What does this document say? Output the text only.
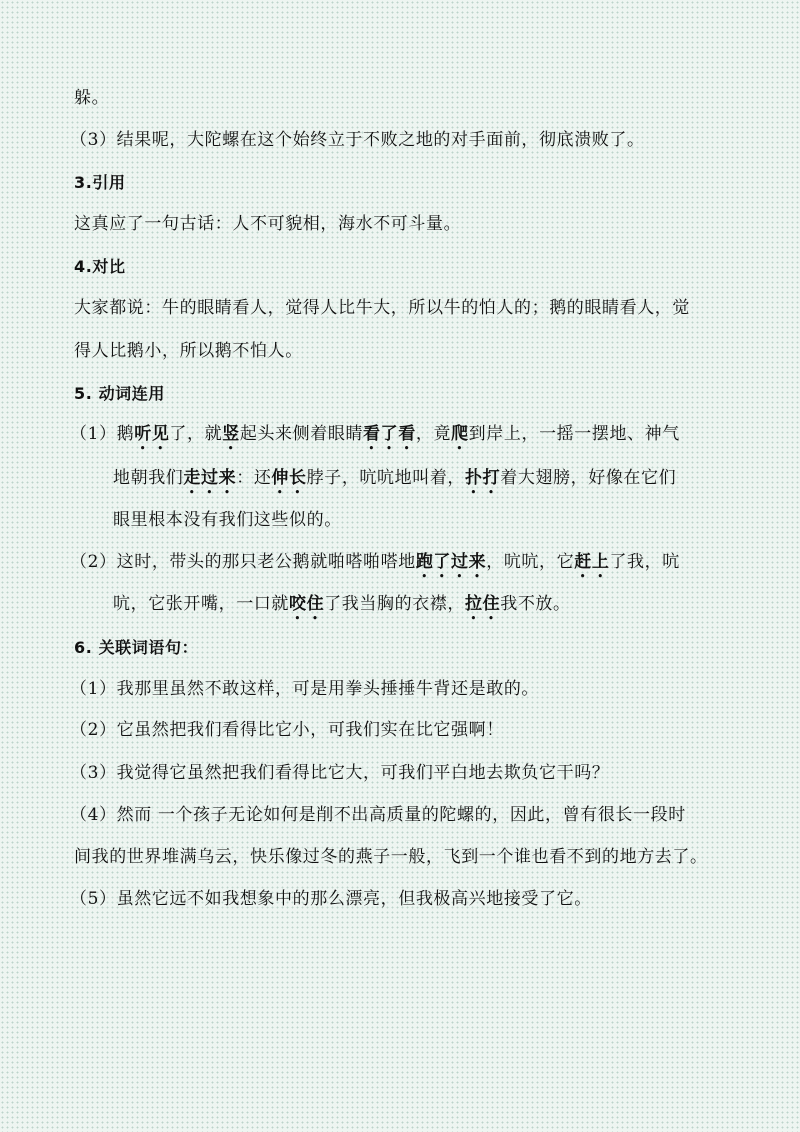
躲。
（3）结果呢，大陀螺在这个始终立于不败之地的对手面前，彻底溃败了。
3.引用
这真应了一句古话：人不可貌相，海水不可斗量。
4.对比
大家都说：牛的眼睛看人，觉得人比牛大，所以牛的怕人的；鹅的眼睛看人，觉
得人比鹅小，所以鹅不怕人。
5. 动词连用
（1）鹅听见了，就竖起头来侧着眼睛看了看，竟爬到岸上，一摇一摆地、神气
地朝我们走过来：还伸长脖子，吭吭地叫着，扑打着大翅膀，好像在它们
眼里根本没有我们这些似的。
（2）这时，带头的那只老公鹅就啪嗒啪嗒地跑了过来，吭吭，它赶上了我，吭
吭，它张开嘴，一口就咬住了我当胸的衣襟，拉住我不放。
6. 关联词语句：
（1）我那里虽然不敢这样，可是用拳头捶捶牛背还是敢的。
（2）它虽然把我们看得比它小，可我们实在比它强啊！
（3）我觉得它虽然把我们看得比它大，可我们平白地去欺负它干吗？
（4）然而 一个孩子无论如何是削不出高质量的陀螺的，因此，曾有很长一段时
间我的世界堆满乌云，快乐像过冬的燕子一般，飞到一个谁也看不到的地方去了。
（5）虽然它远不如我想象中的那么漂亮，但我极高兴地接受了它。
